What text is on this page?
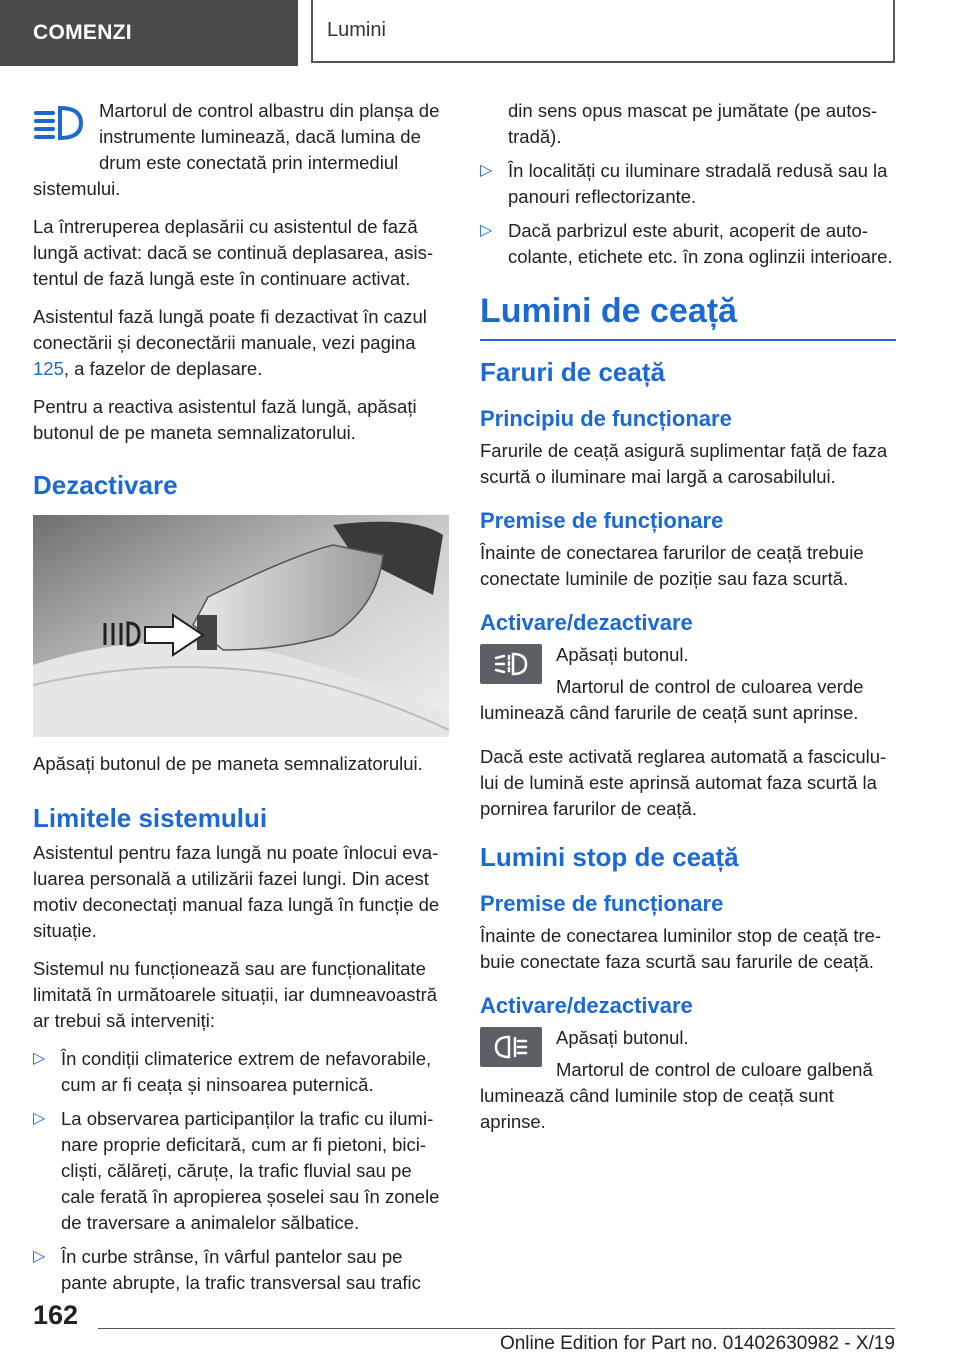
COMENZI	Lumini

Martorul de control albastru din planșa de instrumente luminează, dacă lumina de drum este conectată prin intermediul sistemului.

La întreruperea deplasării cu asistentul de fază lungă activat: dacă se continuă deplasarea, asistentul de fază lungă este în continuare activat.

Asistentul fază lungă poate fi dezactivat în cazul conectării și deconectării manuale, vezi pagina 125, a fazelor de deplasare.

Pentru a reactiva asistentul fază lungă, apăsați butonul de pe maneta semnalizatorului.

Dezactivare

Apăsați butonul de pe maneta semnalizatorului.

Limitele sistemului

Asistentul pentru faza lungă nu poate înlocui evaluarea personală a utilizării fazei lungi. Din acest motiv deconectați manual faza lungă în funcție de situație.

Sistemul nu funcționează sau are funcționalitate limitată în următoarele situații, iar dumneavoastră ar trebui să interveniți:

▷ În condiții climaterice extrem de nefavorabile, cum ar fi ceața și ninsoarea puternică.
▷ La observarea participanților la trafic cu iluminare proprie deficitară, cum ar fi pietoni, bicicliști, călăreți, căruțe, la trafic fluvial sau pe cale ferată în apropierea șoselei sau în zonele de traversare a animalelor sălbatice.
▷ În curbe strânse, în vârful pantelor sau pe pante abrupte, la trafic transversal sau trafic
din sens opus mascat pe jumătate (pe autostradă).
▷ În localități cu iluminare stradală redusă sau la panouri reflectorizante.
▷ Dacă parbrizul este aburit, acoperit de autocolante, etichete etc. în zona oglinzii interioare.
Lumini de ceață
Faruri de ceață
Principiu de funcționare

Farurile de ceață asigură suplimentar față de faza scurtă o iluminare mai largă a carosabilului.

Premise de funcționare

Înainte de conectarea farurilor de ceață trebuie conectate luminile de poziție sau faza scurtă.

Activare/dezactivare

Apăsați butonul.

Martorul de control de culoarea verde luminează când farurile de ceață sunt aprinse.

Dacă este activată reglarea automată a fasciculului de lumină este aprinsă automat faza scurtă la pornirea farurilor de ceață.

Lumini stop de ceață
Premise de funcționare

Înainte de conectarea luminilor stop de ceață trebuie conectate faza scurtă sau farurile de ceață.

Activare/dezactivare

Apăsați butonul.

Martorul de control de culoare galbenă luminează când luminile stop de ceață sunt aprinse.

162
Online Edition for Part no. 01402630982 - X/19
